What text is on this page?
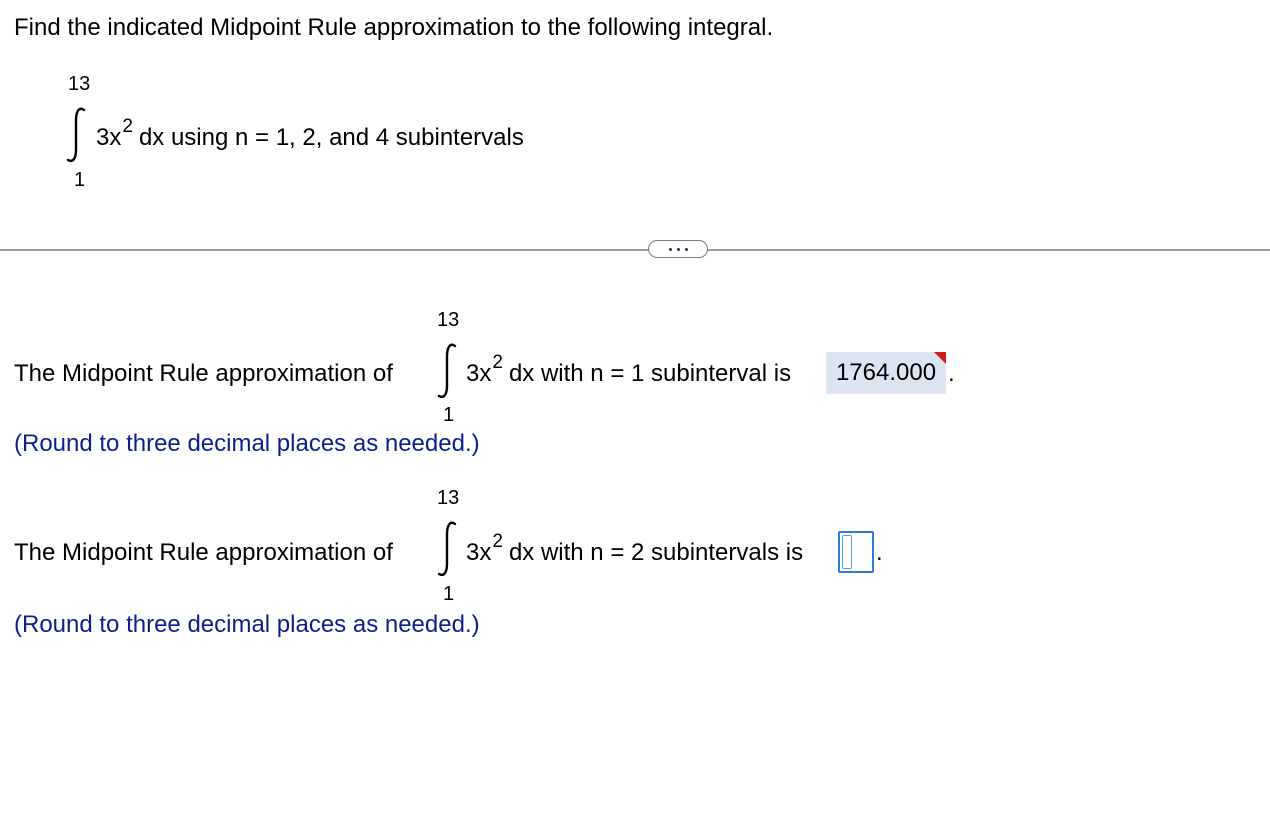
Find the indicated Midpoint Rule approximation to the following integral.
13
1
$3x^2$ dx using n = 1, 2, and 4 subintervals
The Midpoint Rule approximation of
13
1
$3x^2$ dx with n = 1 subinterval is	1764.000 .
(Round to three decimal places as needed.)
The Midpoint Rule approximation of
13
1
$3x^2$ dx with n = 2 subintervals is	.
(Round to three decimal places as needed.)
